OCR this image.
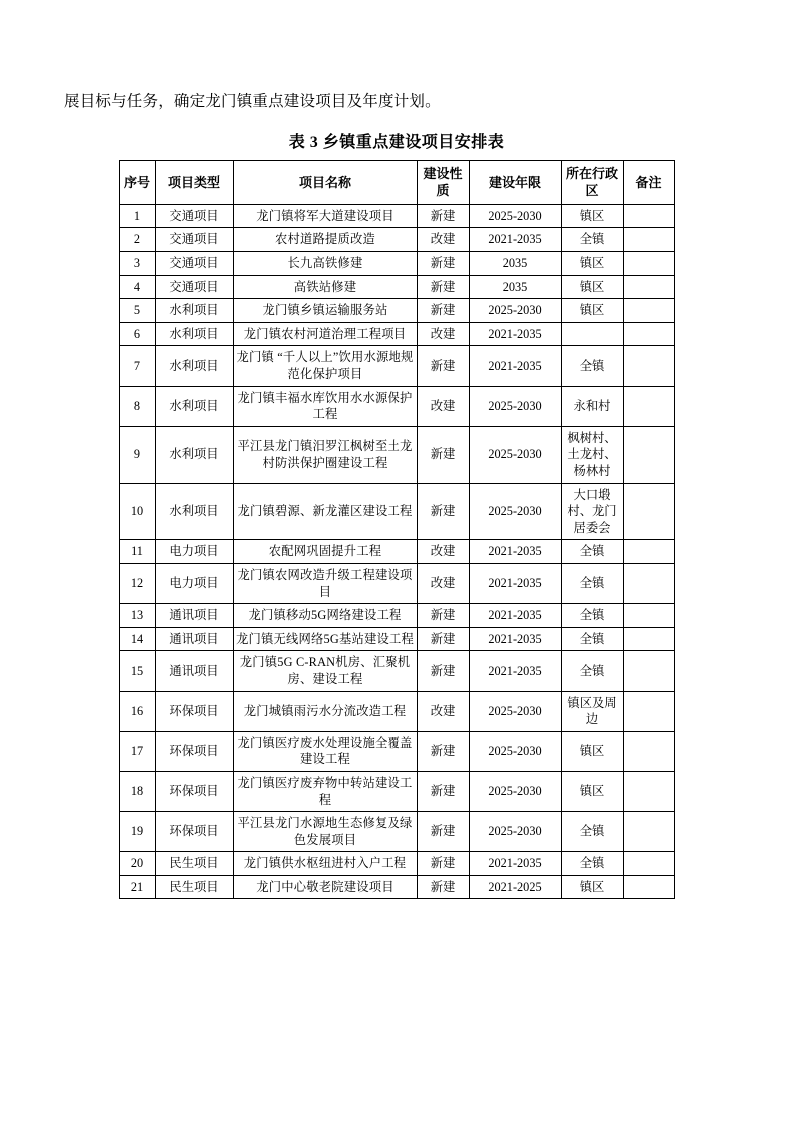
展目标与任务，确定龙门镇重点建设项目及年度计划。
表 3 乡镇重点建设项目安排表
序号	项目类型	项目名称	建设性质	建设年限	所在行政区	备注
1	交通项目	龙门镇将军大道建设项目	新建	2025-2030	镇区	
2	交通项目	农村道路提质改造	改建	2021-2035	全镇	
3	交通项目	长九高铁修建	新建	2035	镇区	
4	交通项目	高铁站修建	新建	2035	镇区	
5	水利项目	龙门镇乡镇运输服务站	新建	2025-2030	镇区	
6	水利项目	龙门镇农村河道治理工程项目	改建	2021-2035		
7	水利项目	龙门镇 “千人以上”饮用水源地规范化保护项目	新建	2021-2035	全镇	
8	水利项目	龙门镇丰福水库饮用水水源保护工程	改建	2025-2030	永和村	
9	水利项目	平江县龙门镇汨罗江枫树至土龙村防洪保护圈建设工程	新建	2025-2030	枫树村、土龙村、杨林村	
10	水利项目	龙门镇碧源、新龙灌区建设工程	新建	2025-2030	大口塅村、龙门居委会	
11	电力项目	农配网巩固提升工程	改建	2021-2035	全镇	
12	电力项目	龙门镇农网改造升级工程建设项目	改建	2021-2035	全镇	
13	通讯项目	龙门镇移动5G网络建设工程	新建	2021-2035	全镇	
14	通讯项目	龙门镇无线网络5G基站建设工程	新建	2021-2035	全镇	
15	通讯项目	龙门镇5G C-RAN机房、汇聚机房、建设工程	新建	2021-2035	全镇	
16	环保项目	龙门城镇雨污水分流改造工程	改建	2025-2030	镇区及周边	
17	环保项目	龙门镇医疗废水处理设施全覆盖建设工程	新建	2025-2030	镇区	
18	环保项目	龙门镇医疗废弃物中转站建设工程	新建	2025-2030	镇区	
19	环保项目	平江县龙门水源地生态修复及绿色发展项目	新建	2025-2030	全镇	
20	民生项目	龙门镇供水枢纽进村入户工程	新建	2021-2035	全镇	
21	民生项目	龙门中心敬老院建设项目	新建	2021-2025	镇区	
